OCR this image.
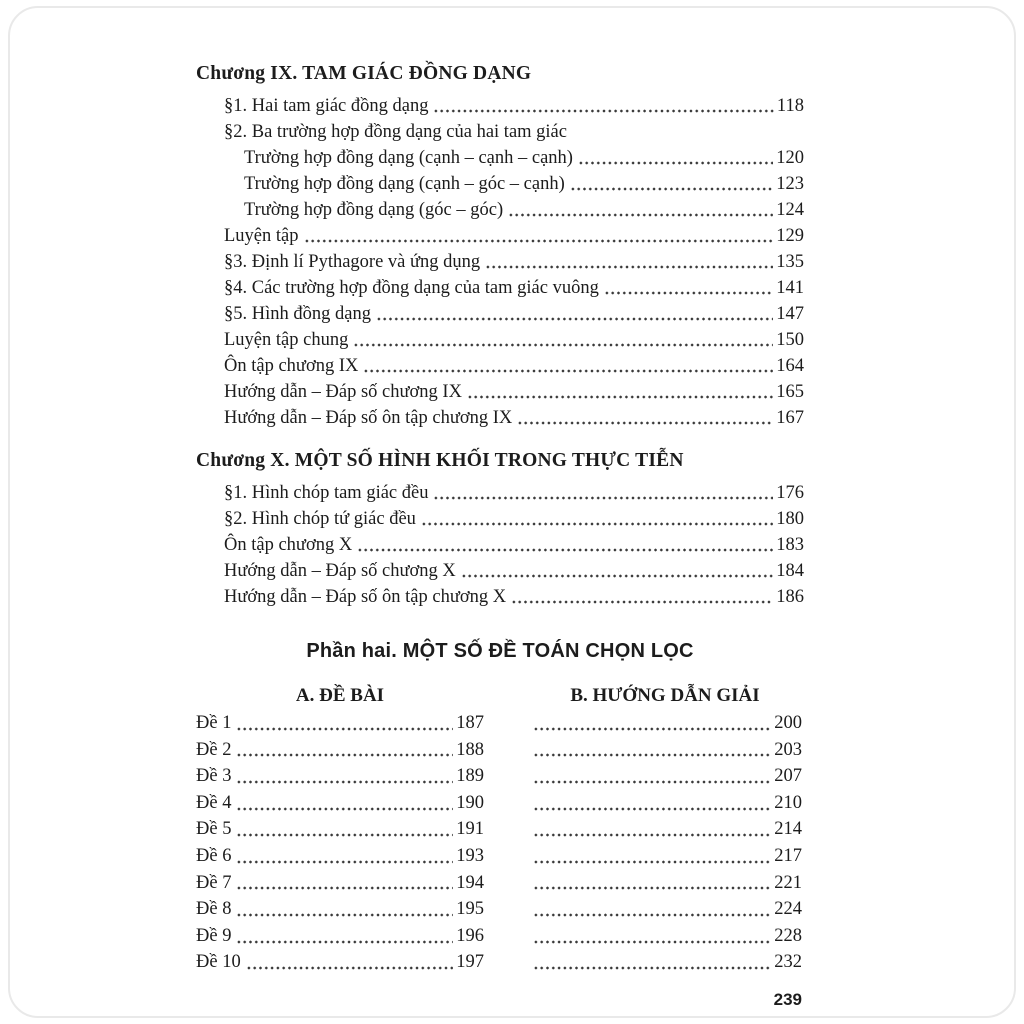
Chương IX. TAM GIÁC ĐỒNG DẠNG
§1. Hai tam giác đồng dạng	118
§2. Ba trường hợp đồng dạng của hai tam giác
Trường hợp đồng dạng (cạnh – cạnh – cạnh)	120
Trường hợp đồng dạng (cạnh – góc – cạnh)	123
Trường hợp đồng dạng (góc – góc)	124
Luyện tập	129
§3. Định lí Pythagore và ứng dụng	135
§4. Các trường hợp đồng dạng của tam giác vuông	141
§5. Hình đồng dạng	147
Luyện tập chung	150
Ôn tập chương IX	164
Hướng dẫn – Đáp số chương IX	165
Hướng dẫn – Đáp số ôn tập chương IX	167
Chương X. MỘT SỐ HÌNH KHỐI TRONG THỰC TIỄN
§1. Hình chóp tam giác đều	176
§2. Hình chóp tứ giác đều	180
Ôn tập chương X	183
Hướng dẫn – Đáp số chương X	184
Hướng dẫn – Đáp số ôn tập chương X	186
Phần hai. MỘT SỐ ĐỀ TOÁN CHỌN LỌC
A. ĐỀ BÀI	B. HƯỚNG DẪN GIẢI
Đề 1	187	200
Đề 2	188	203
Đề 3	189	207
Đề 4	190	210
Đề 5	191	214
Đề 6	193	217
Đề 7	194	221
Đề 8	195	224
Đề 9	196	228
Đề 10	197	232
239
